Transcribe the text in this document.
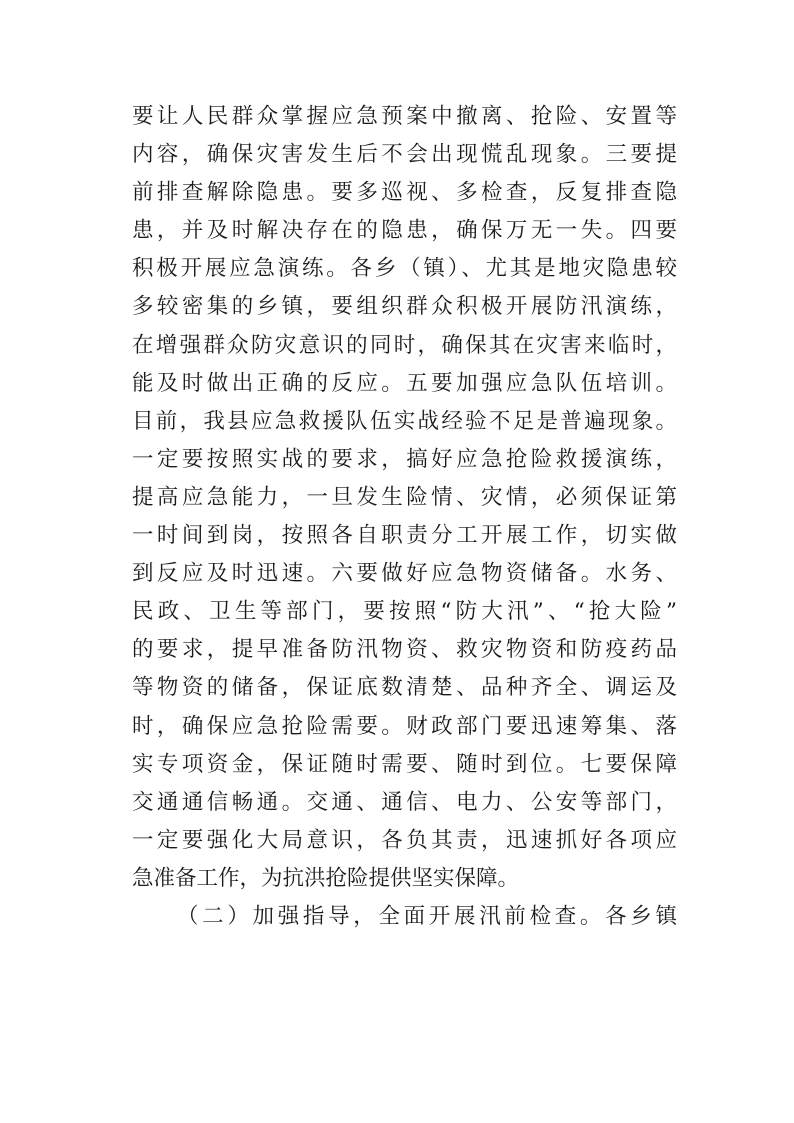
要让人民群众掌握应急预案中撤离、抢险、安置等
内容，确保灾害发生后不会出现慌乱现象。三要提
前排查解除隐患。要多巡视、多检查，反复排查隐
患，并及时解决存在的隐患，确保万无一失。四要
积极开展应急演练。各乡（镇）、尤其是地灾隐患较
多较密集的乡镇，要组织群众积极开展防汛演练，
在增强群众防灾意识的同时，确保其在灾害来临时，
能及时做出正确的反应。五要加强应急队伍培训。
目前，我县应急救援队伍实战经验不足是普遍现象。
一定要按照实战的要求，搞好应急抢险救援演练，
提高应急能力，一旦发生险情、灾情，必须保证第
一时间到岗，按照各自职责分工开展工作，切实做
到反应及时迅速。六要做好应急物资储备。水务、
民政、卫生等部门，要按照“防大汛”、“抢大险”
的要求，提早准备防汛物资、救灾物资和防疫药品
等物资的储备，保证底数清楚、品种齐全、调运及
时，确保应急抢险需要。财政部门要迅速筹集、落
实专项资金，保证随时需要、随时到位。七要保障
交通通信畅通。交通、通信、电力、公安等部门，
一定要强化大局意识，各负其责，迅速抓好各项应
急准备工作，为抗洪抢险提供坚实保障。
（二）加强指导，全面开展汛前检查。各乡镇
